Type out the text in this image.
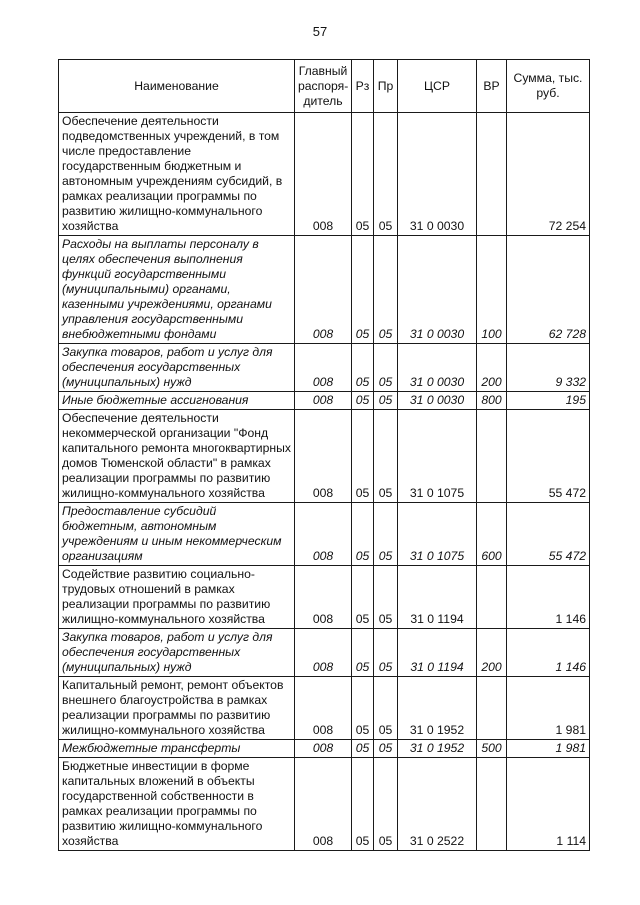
57
Наименование	Главный распоря-дитель	Рз	Пр	ЦСР	ВР	Сумма, тыс. руб.
Обеспечение деятельности подведомственных учреждений, в том числе предоставление государственным бюджетным и автономным учреждениям субсидий, в рамках реализации программы по развитию жилищно-коммунального хозяйства	008	05	05	31 0 0030		72 254
Расходы на выплаты персоналу в целях обеспечения выполнения функций государственными (муниципальными) органами, казенными учреждениями, органами управления государственными внебюджетными фондами	008	05	05	31 0 0030	100	62 728
Закупка товаров, работ и услуг для обеспечения государственных (муниципальных) нужд	008	05	05	31 0 0030	200	9 332
Иные бюджетные ассигнования	008	05	05	31 0 0030	800	195
Обеспечение деятельности некоммерческой организации "Фонд капитального ремонта многоквартирных домов Тюменской области" в рамках реализации программы по развитию жилищно-коммунального хозяйства	008	05	05	31 0 1075		55 472
Предоставление субсидий бюджетным, автономным учреждениям и иным некоммерческим организациям	008	05	05	31 0 1075	600	55 472
Содействие развитию социально-трудовых отношений в рамках реализации программы по развитию жилищно-коммунального хозяйства	008	05	05	31 0 1194		1 146
Закупка товаров, работ и услуг для обеспечения государственных (муниципальных) нужд	008	05	05	31 0 1194	200	1 146
Капитальный ремонт, ремонт объектов внешнего благоустройства в рамках реализации программы по развитию жилищно-коммунального хозяйства	008	05	05	31 0 1952		1 981
Межбюджетные трансферты	008	05	05	31 0 1952	500	1 981
Бюджетные инвестиции в форме капитальных вложений в объекты государственной собственности в рамках реализации программы по развитию жилищно-коммунального хозяйства	008	05	05	31 0 2522		1 114
